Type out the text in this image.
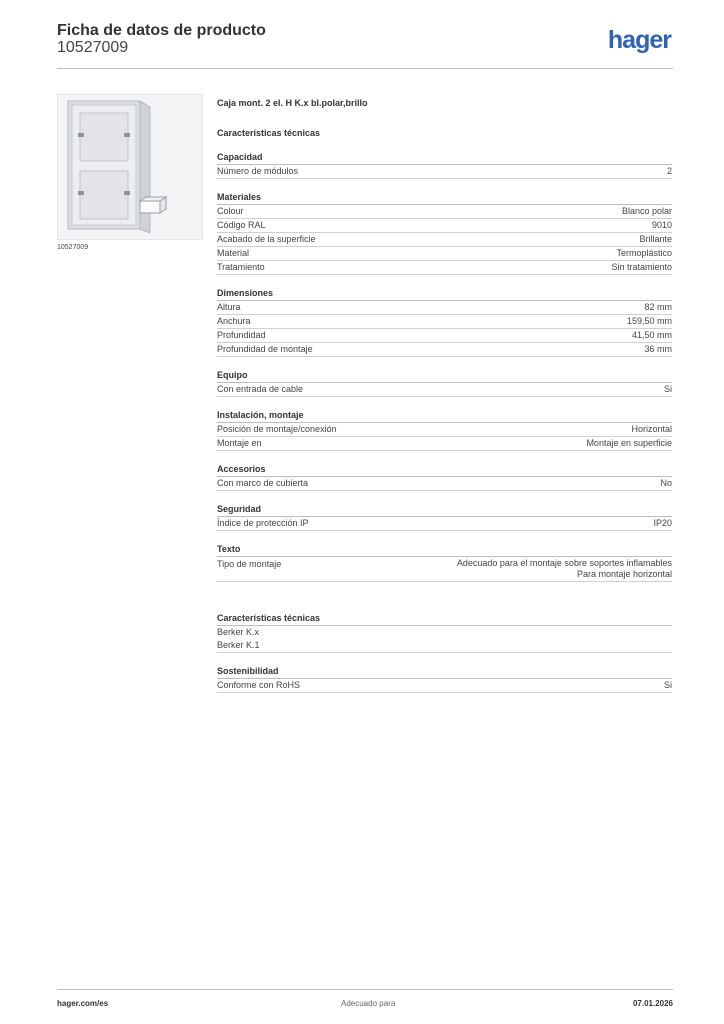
Ficha de datos de producto
10527009	hager
10527009
Caja mont. 2 el. H K.x bl.polar,brillo
Características técnicas
Capacidad
Número de módulos	2
Materiales
Colour	Blanco polar
Código RAL	9010
Acabado de la superficie	Brillante
Material	Termoplástico
Tratamiento	Sin tratamiento
Dimensiones
Altura	82 mm
Anchura	159,50 mm
Profundidad	41,50 mm
Profundidad de montaje	36 mm
Equipo
Con entrada de cable	Si
Instalación, montaje
Posición de montaje/conexión	Horizontal
Montaje en	Montaje en superficie
Accesorios
Con marco de cubierta	No
Seguridad
Índice de protección IP	IP20
Texto
Tipo de montaje	Adecuado para el montaje sobre soportes inflamables
Para montaje horizontal
Características técnicas
Berker K.x
Berker K.1
Sostenibilidad
Conforme con RoHS	Si
hager.com/es	Adecuado para	07.01.2026
